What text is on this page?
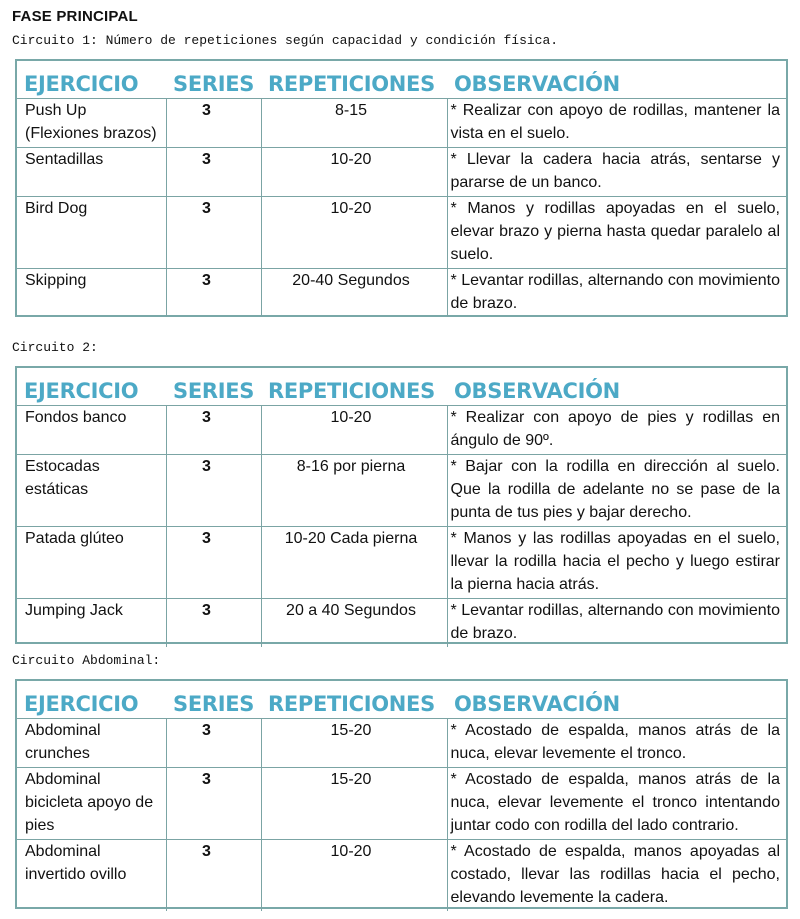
FASE PRINCIPAL

Circuito 1: Número de repeticiones según capacidad y condición física.

EJERCICIO	SERIES	REPETICIONES	OBSERVACIÓN
Push Up (Flexiones brazos)	3	8-15	* Realizar con apoyo de rodillas, mantener la vista en el suelo.
Sentadillas	3	10-20	* Llevar la cadera hacia atrás, sentarse y pararse de un banco.
Bird Dog	3	10-20	* Manos y rodillas apoyadas en el suelo, elevar brazo y pierna hasta quedar paralelo al suelo.
Skipping	3	20-40 Segundos	* Levantar rodillas, alternando con movimiento de brazo.

Circuito 2:

EJERCICIO	SERIES	REPETICIONES	OBSERVACIÓN
Fondos banco	3	10-20	* Realizar con apoyo de pies y rodillas en ángulo de 90º.
Estocadas estáticas	3	8-16 por pierna	* Bajar con la rodilla en dirección al suelo. Que la rodilla de adelante no se pase de la punta de tus pies y bajar derecho.
Patada glúteo	3	10-20 Cada pierna	* Manos y las rodillas apoyadas en el suelo, llevar la rodilla hacia el pecho y luego estirar la pierna hacia atrás.
Jumping Jack	3	20 a 40 Segundos	* Levantar rodillas, alternando con movimiento de brazo.

Circuito Abdominal:

EJERCICIO	SERIES	REPETICIONES	OBSERVACIÓN
Abdominal crunches	3	15-20	* Acostado de espalda, manos atrás de la nuca, elevar levemente el tronco.
Abdominal bicicleta apoyo de pies	3	15-20	* Acostado de espalda, manos atrás de la nuca, elevar levemente el tronco intentando juntar codo con rodilla del lado contrario.
Abdominal invertido ovillo	3	10-20	* Acostado de espalda, manos apoyadas al costado, llevar las rodillas hacia el pecho, elevando levemente la cadera.
